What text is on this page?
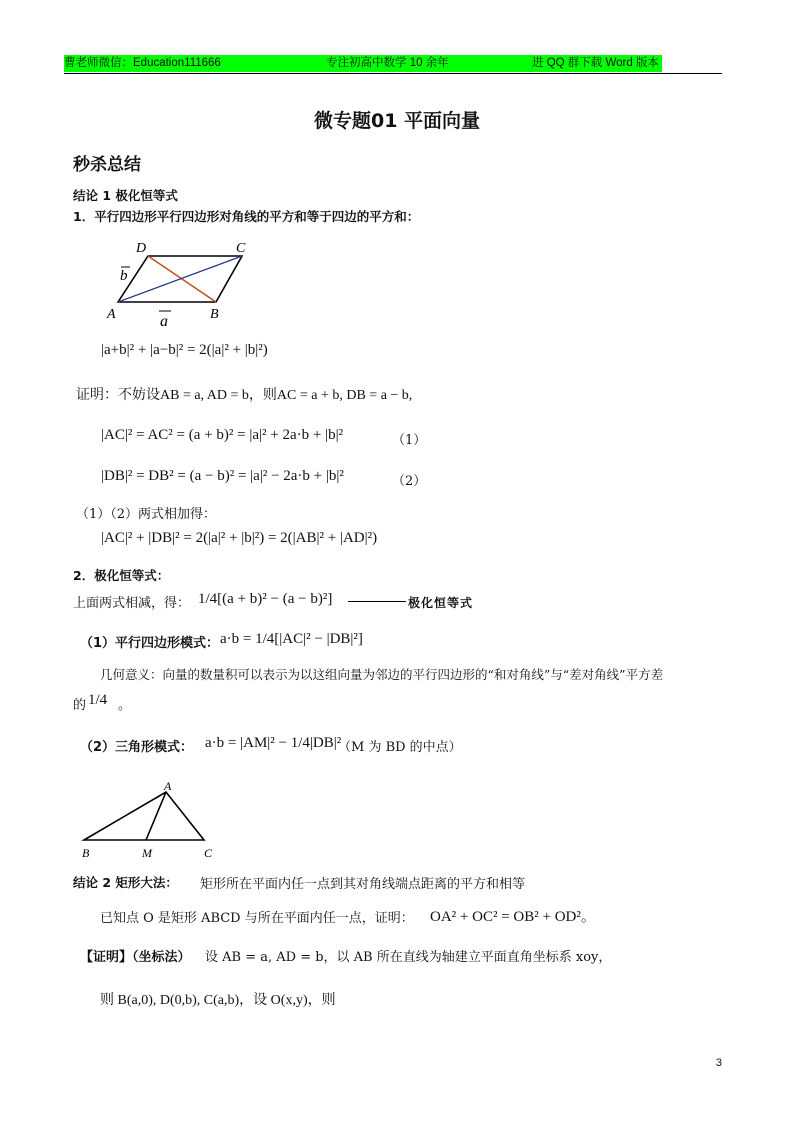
曹老师微信：Education111666	专注初高中数学 10 余年	进 QQ 群下载 Word 版本
微专题01 平面向量
秒杀总结
结论 1 极化恒等式
1．平行四边形平行四边形对角线的平方和等于四边的平方和：
D	C
A	B
b
a
|a+b|² + |a−b|² = 2(|a|² + |b|²)
证明：不妨设AB = a, AD = b，则AC = a + b, DB = a − b,
|AC|² = AC² = (a + b)² = |a|² + 2a·b + |b|²	（1）
|DB|² = DB² = (a − b)² = |a|² − 2a·b + |b|²	（2）
（1）（2）两式相加得：
|AC|² + |DB|² = 2(|a|² + |b|²) = 2(|AB|² + |AD|²)
2．极化恒等式：
上面两式相减，得： 1/4[(a + b)² − (a − b)²]	极化恒等式
（1）平行四边形模式： a·b = 1/4[|AC|² − |DB|²]
几何意义：向量的数量积可以表示为以这组向量为邻边的平行四边形的“和对角线”与“差对角线”平方差
的 1/4 。
（2）三角形模式： a·b = |AM|² − 1/4|DB|²
（M 为 BD 的中点）
A
B	M	C
结论 2 矩形大法： 矩形所在平面内任一点到其对角线端点距离的平方和相等
已知点 O 是矩形 ABCD 与所在平面内任一点，证明： OA² + OC² = OB² + OD²。
【证明】（坐标法） 设 AB = a, AD = b，以 AB 所在直线为轴建立平面直角坐标系 xoy，
则 B(a,0), D(0,b), C(a,b)，设 O(x,y)，则
3
